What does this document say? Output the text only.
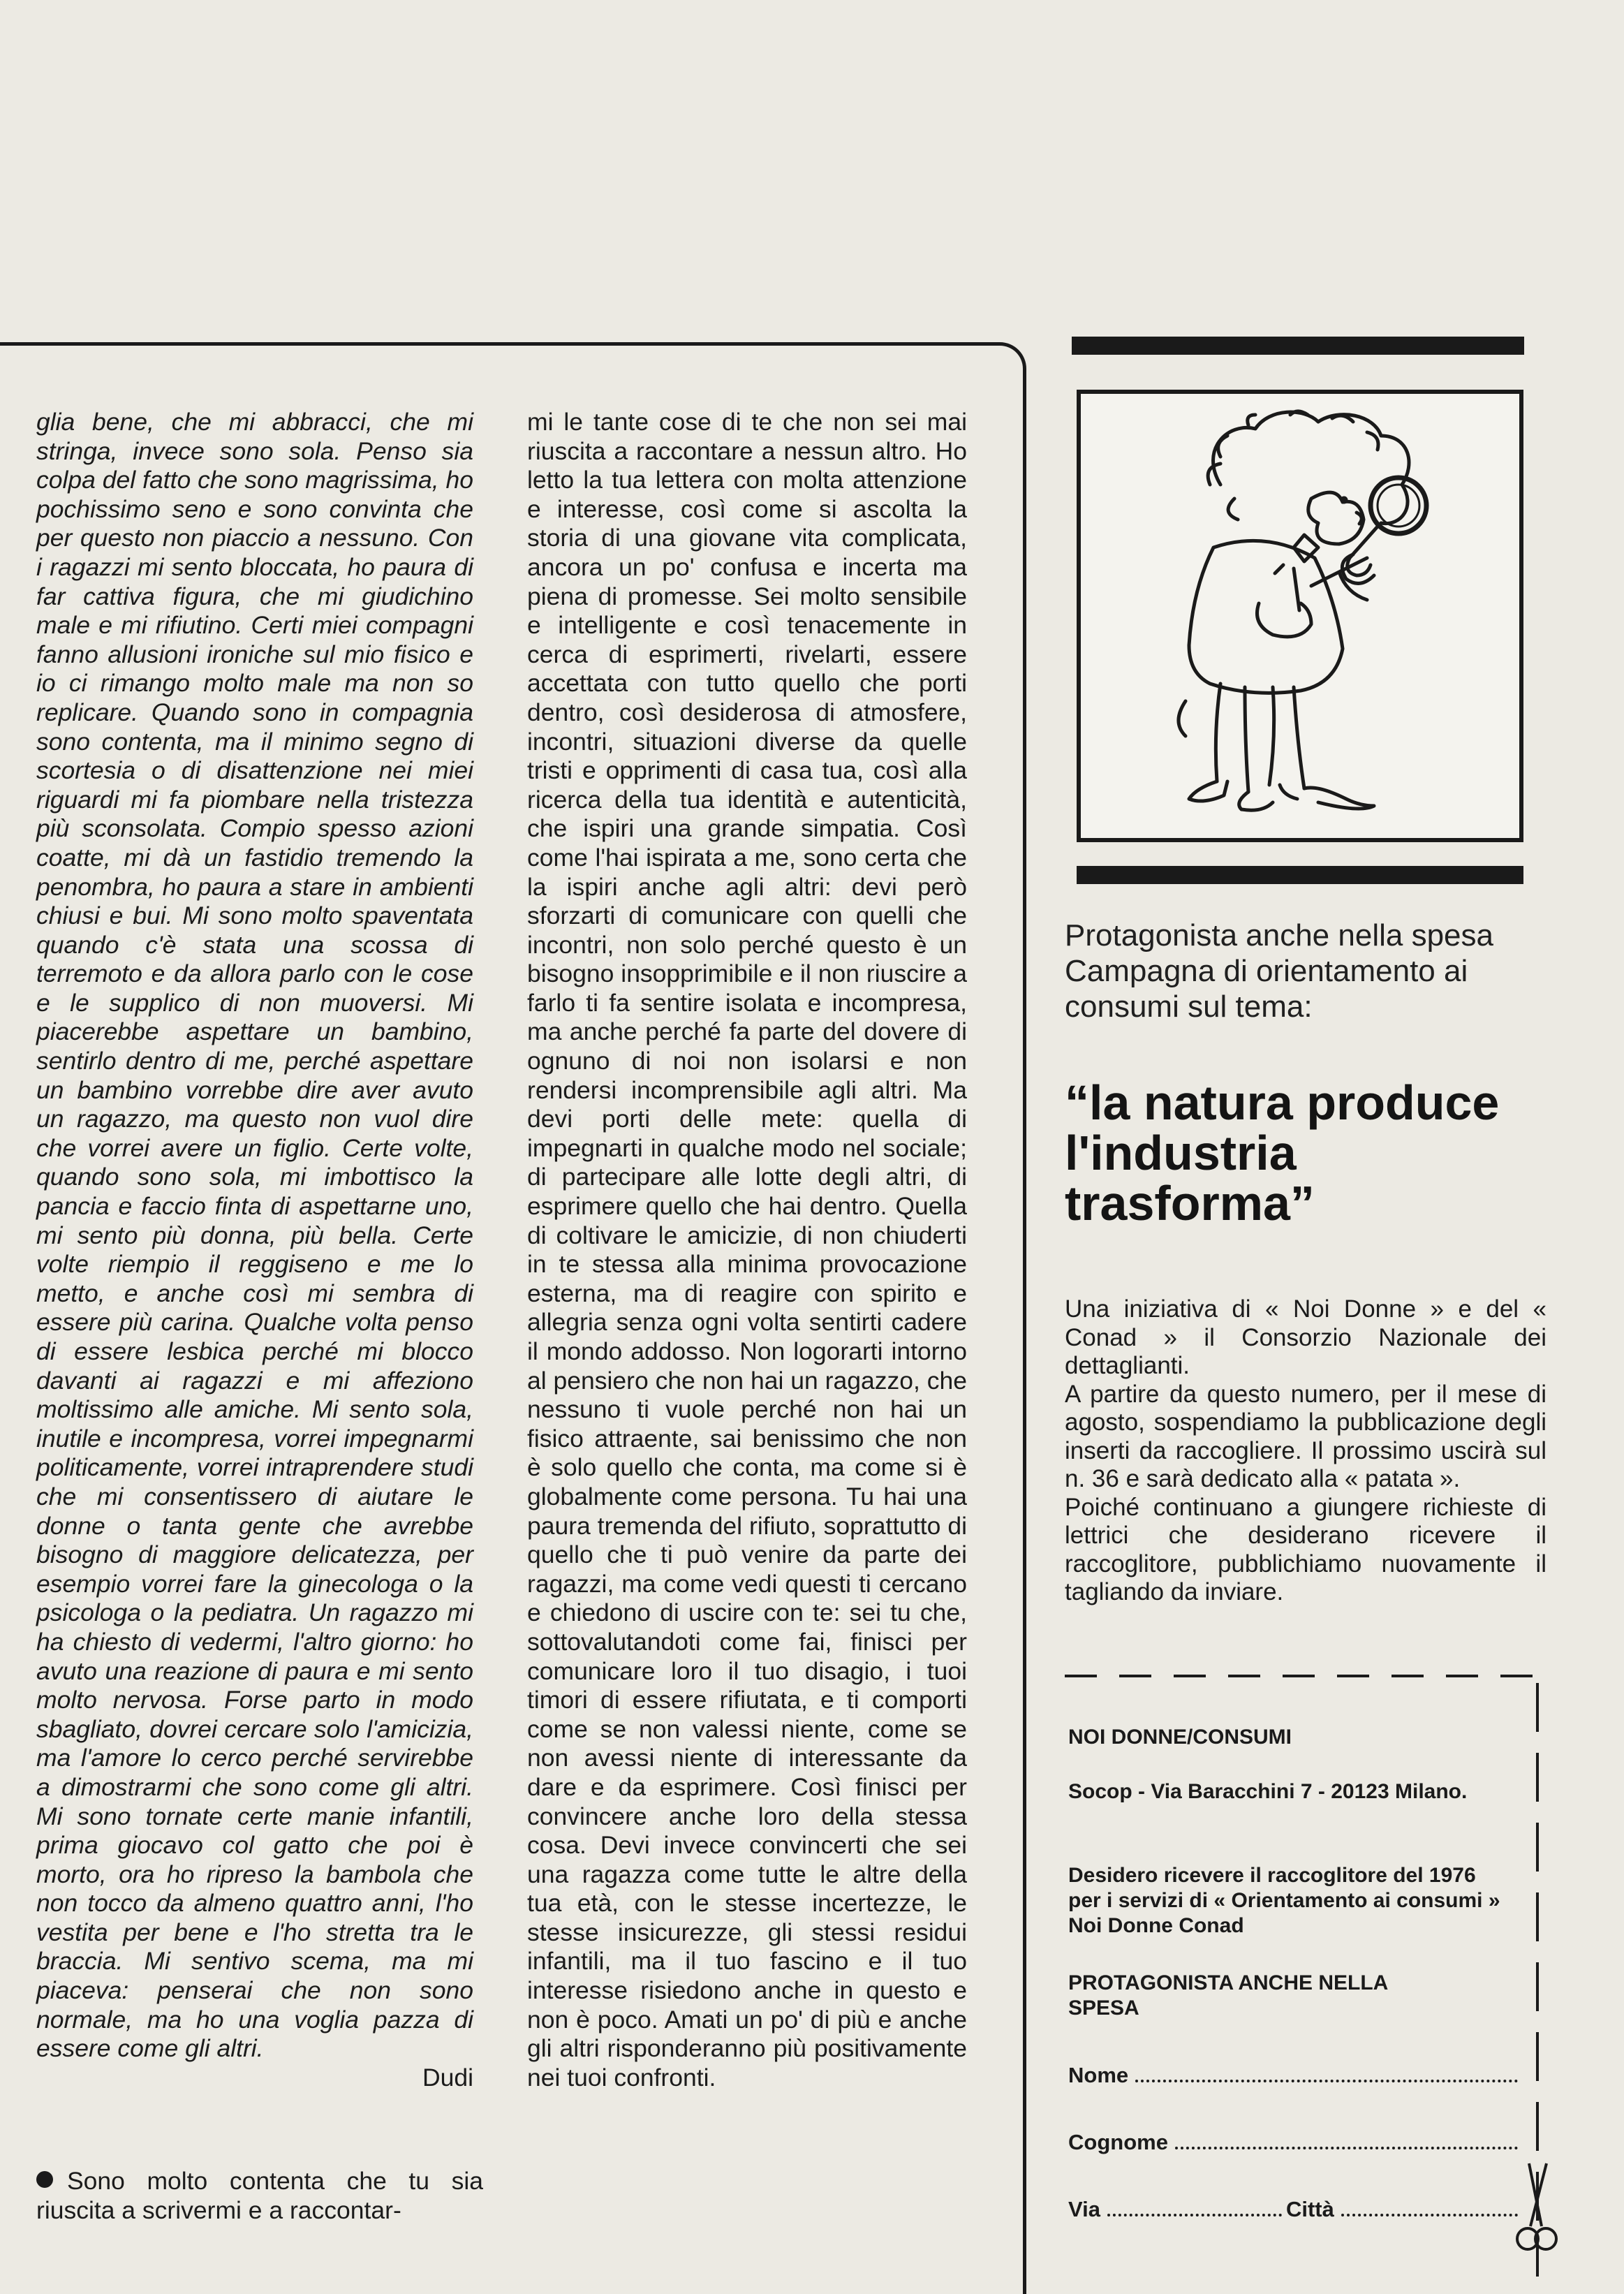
glia bene, che mi abbracci, che mi stringa, invece sono sola. Penso sia colpa del fatto che sono magrissima, ho pochissimo seno e sono convinta che per questo non piaccio a nessuno. Con i ragazzi mi sento bloccata, ho paura di far cattiva figura, che mi giudichino male e mi rifiutino. Certi miei compagni fanno allusioni ironiche sul mio fisico e io ci rimango molto male ma non so replicare. Quando sono in compagnia sono contenta, ma il minimo segno di scortesia o di disattenzione nei miei riguardi mi fa piombare nella tristezza più sconsolata. Compio spesso azioni coatte, mi dà un fastidio tremendo la penombra, ho paura a stare in ambienti chiusi e bui. Mi sono molto spaventata quando c'è stata una scossa di terremoto e da allora parlo con le cose e le supplico di non muoversi. Mi piacerebbe aspettare un bambino, sentirlo dentro di me, perché aspettare un bambino vorrebbe dire aver avuto un ragazzo, ma questo non vuol dire che vorrei avere un figlio. Certe volte, quando sono sola, mi imbottisco la pancia e faccio finta di aspettarne uno, mi sento più donna, più bella. Certe volte riempio il reggiseno e me lo metto, e anche così mi sembra di essere più carina. Qualche volta penso di essere lesbica perché mi blocco davanti ai ragazzi e mi affeziono moltissimo alle amiche. Mi sento sola, inutile e incompresa, vorrei impegnarmi politicamente, vorrei intraprendere studi che mi consentissero di aiutare le donne o tanta gente che avrebbe bisogno di maggiore delicatezza, per esempio vorrei fare la ginecologa o la psicologa o la pediatra. Un ragazzo mi ha chiesto di vedermi, l'altro giorno: ho avuto una reazione di paura e mi sento molto nervosa. Forse parto in modo sbagliato, dovrei cercare solo l'amicizia, ma l'amore lo cerco perché servirebbe a dimostrarmi che sono come gli altri. Mi sono tornate certe manie infantili, prima giocavo col gatto che poi è morto, ora ho ripreso la bambola che non tocco da almeno quattro anni, l'ho vestita per bene e l'ho stretta tra le braccia. Mi sentivo scema, ma mi piaceva: penserai che non sono normale, ma ho una voglia pazza di essere come gli altri.

Dudi

Sono molto contenta che tu sia riuscita a scrivermi e a raccontar-

mi le tante cose di te che non sei mai riuscita a raccontare a nessun altro. Ho letto la tua lettera con molta attenzione e interesse, così come si ascolta la storia di una giovane vita complicata, ancora un po' confusa e incerta ma piena di promesse. Sei molto sensibile e intelligente e così tenacemente in cerca di esprimerti, rivelarti, essere accettata con tutto quello che porti dentro, così desiderosa di atmosfere, incontri, situazioni diverse da quelle tristi e opprimenti di casa tua, così alla ricerca della tua identità e autenticità, che ispiri una grande simpatia. Così come l'hai ispirata a me, sono certa che la ispiri anche agli altri: devi però sforzarti di comunicare con quelli che incontri, non solo perché questo è un bisogno insopprimibile e il non riuscire a farlo ti fa sentire isolata e incompresa, ma anche perché fa parte del dovere di ognuno di noi non isolarsi e non rendersi incomprensibile agli altri. Ma devi porti delle mete: quella di impegnarti in qualche modo nel sociale; di partecipare alle lotte degli altri, di esprimere quello che hai dentro. Quella di coltivare le amicizie, di non chiuderti in te stessa alla minima provocazione esterna, ma di reagire con spirito e allegria senza ogni volta sentirti cadere il mondo addosso. Non logorarti intorno al pensiero che non hai un ragazzo, che nessuno ti vuole perché non hai un fisico attraente, sai benissimo che non è solo quello che conta, ma come si è globalmente come persona. Tu hai una paura tremenda del rifiuto, soprattutto di quello che ti può venire da parte dei ragazzi, ma come vedi questi ti cercano e chiedono di uscire con te: sei tu che, sottovalutandoti come fai, finisci per comunicare loro il tuo disagio, i tuoi timori di essere rifiutata, e ti comporti come se non valessi niente, come se non avessi niente di interessante da dare e da esprimere. Così finisci per convincere anche loro della stessa cosa. Devi invece convincerti che sei una ragazza come tutte le altre della tua età, con le stesse incertezze, le stesse insicurezze, gli stessi residui infantili, ma il tuo fascino e il tuo interesse risiedono anche in questo e non è poco. Amati un po' di più e anche gli altri risponderanno più positivamente nei tuoi confronti.

Protagonista anche nella spesa Campagna di orientamento ai consumi sul tema:
“la natura produce l'industria trasforma”

Una iniziativa di « Noi Donne » e del « Conad » il Consorzio Nazionale dei dettaglianti.

A partire da questo numero, per il mese di agosto, sospendiamo la pubblicazione degli inserti da raccogliere. Il prossimo uscirà sul n. 36 e sarà dedicato alla « patata ».

Poiché continuano a giungere richieste di lettrici che desiderano ricevere il raccoglitore, pubblichiamo nuovamente il tagliando da inviare.

NOI DONNE/CONSUMI
Socop - Via Baracchini 7 - 20123 Milano.
Desidero ricevere il raccoglitore del 1976 per i servizi di « Orientamento ai consumi » Noi Donne Conad
PROTAGONISTA ANCHE NELLA SPESA
Nome
Cognome
Via	Città
